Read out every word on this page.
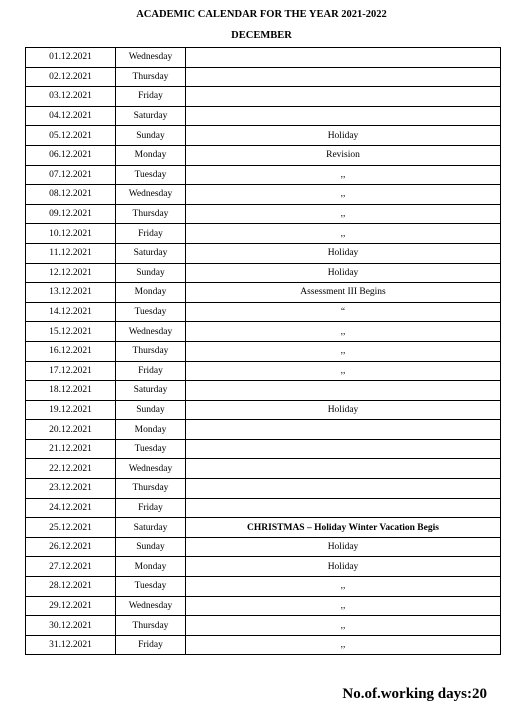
ACADEMIC CALENDAR FOR THE YEAR 2021-2022
DECEMBER
01.12.2021	Wednesday	
02.12.2021	Thursday	
03.12.2021	Friday	
04.12.2021	Saturday	
05.12.2021	Sunday	Holiday
06.12.2021	Monday	Revision
07.12.2021	Tuesday	,,
08.12.2021	Wednesday	,,
09.12.2021	Thursday	,,
10.12.2021	Friday	,,
11.12.2021	Saturday	Holiday
12.12.2021	Sunday	Holiday
13.12.2021	Monday	Assessment III Begins
14.12.2021	Tuesday	“
15.12.2021	Wednesday	,,
16.12.2021	Thursday	,,
17.12.2021	Friday	,,
18.12.2021	Saturday	
19.12.2021	Sunday	Holiday
20.12.2021	Monday	
21.12.2021	Tuesday	
22.12.2021	Wednesday	
23.12.2021	Thursday	
24.12.2021	Friday	
25.12.2021	Saturday	CHRISTMAS – Holiday Winter Vacation Begis
26.12.2021	Sunday	Holiday
27.12.2021	Monday	Holiday
28.12.2021	Tuesday	,,
29.12.2021	Wednesday	,,
30.12.2021	Thursday	,,
31.12.2021	Friday	,,
No.of.working days:20
